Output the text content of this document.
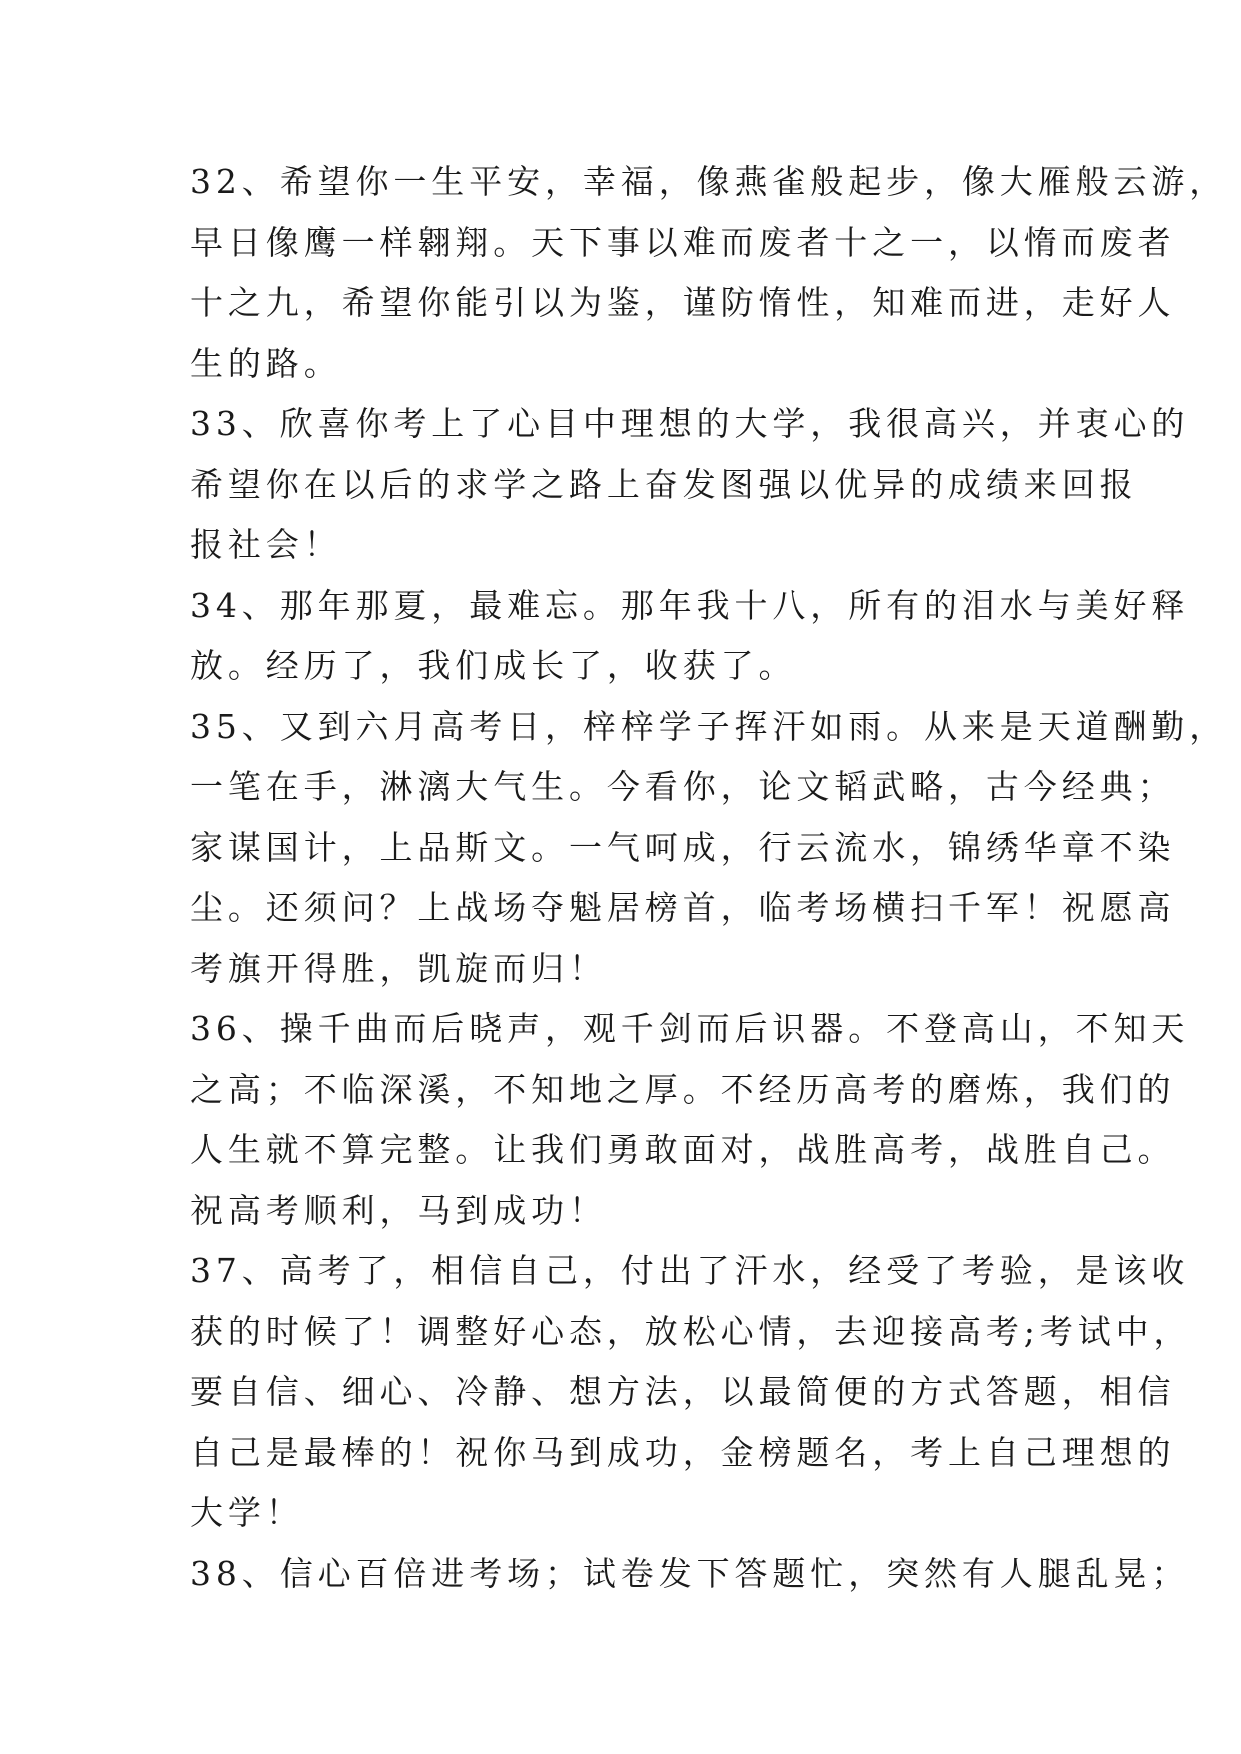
32、希望你一生平安，幸福，像燕雀般起步，像大雁般云游，
早日像鹰一样翱翔。天下事以难而废者十之一，以惰而废者
十之九，希望你能引以为鉴，谨防惰性，知难而进，走好人
生的路。
33、欣喜你考上了心目中理想的大学，我很高兴，并衷心的
希望你在以后的求学之路上奋发图强以优异的成绩来回报
报社会！
34、那年那夏，最难忘。那年我十八，所有的泪水与美好释
放。经历了，我们成长了，收获了。
35、又到六月高考日，梓梓学子挥汗如雨。从来是天道酬勤，
一笔在手，淋漓大气生。今看你，论文韬武略，古今经典；
家谋国计，上品斯文。一气呵成，行云流水，锦绣华章不染
尘。还须问？上战场夺魁居榜首，临考场横扫千军！祝愿高
考旗开得胜，凯旋而归！
36、操千曲而后晓声，观千剑而后识器。不登高山，不知天
之高；不临深溪，不知地之厚。不经历高考的磨炼，我们的
人生就不算完整。让我们勇敢面对，战胜高考，战胜自己。
祝高考顺利，马到成功！
37、高考了，相信自己，付出了汗水，经受了考验，是该收
获的时候了！调整好心态，放松心情，去迎接高考;考试中，
要自信、细心、冷静、想方法，以最简便的方式答题，相信
自己是最棒的！祝你马到成功，金榜题名，考上自己理想的
大学！
38、信心百倍进考场；试卷发下答题忙，突然有人腿乱晃；
